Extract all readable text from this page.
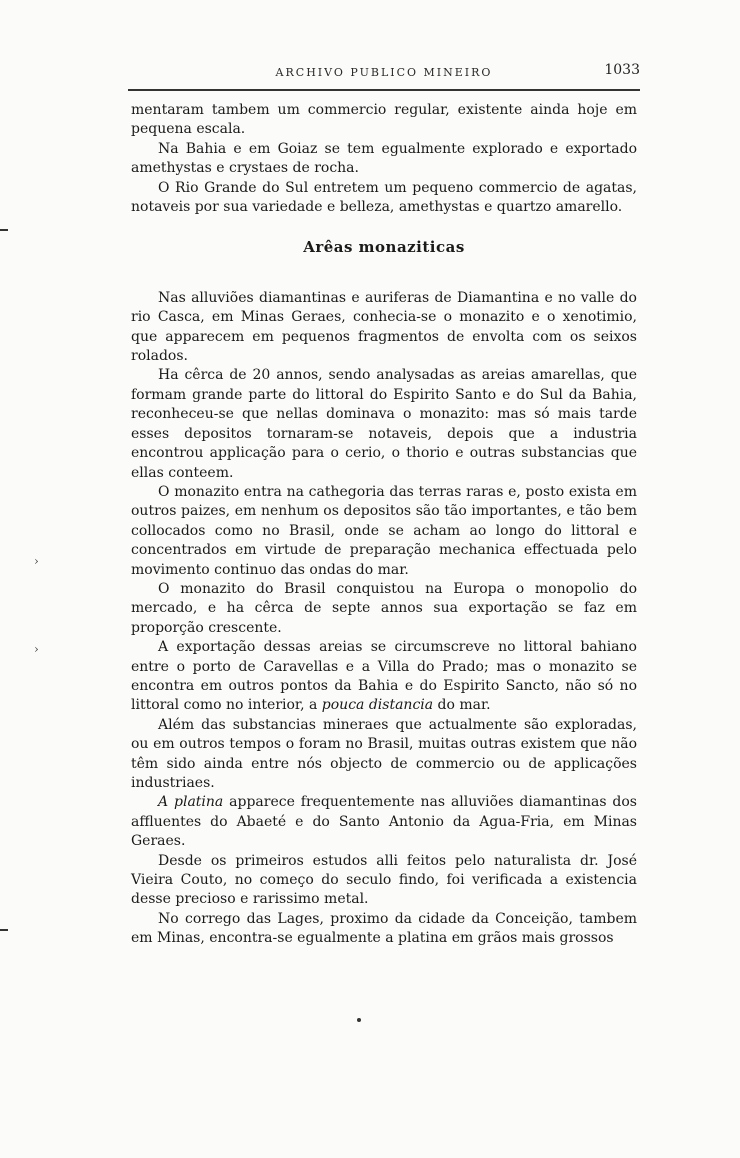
ARCHIVO PUBLICO MINEIRO	1033
›
›

mentaram tambem um commercio regular, existente ainda hoje em pequena escala.

Na Bahia e em Goiaz se tem egualmente explorado e exportado amethystas e crystaes de rocha.

O Rio Grande do Sul entretem um pequeno commercio de agatas, notaveis por sua variedade e belleza, amethystas e quartzo amarello.

Arêas monaziticas

Nas alluviões diamantinas e auriferas de Diamantina e no valle do rio Casca, em Minas Geraes, conhecia-se o monazito e o xenotimio, que apparecem em pequenos fragmentos de envolta com os seixos rolados.

Ha cêrca de 20 annos, sendo analysadas as areias amarellas, que formam grande parte do littoral do Espirito Santo e do Sul da Bahia, reconheceu-se que nellas dominava o monazito: mas só mais tarde esses depositos tornaram-se notaveis, depois que a industria encontrou applicação para o cerio, o thorio e outras substancias que ellas conteem.

O monazito entra na cathegoria das terras raras e, posto exista em outros paizes, em nenhum os depositos são tão importantes, e tão bem collocados como no Brasil, onde se acham ao longo do littoral e concentrados em virtude de preparação mechanica effectuada pelo movimento continuo das ondas do mar.

O monazito do Brasil conquistou na Europa o monopolio do mercado, e ha cêrca de septe annos sua exportação se faz em proporção crescente.

A exportação dessas areias se circumscreve no littoral bahiano entre o porto de Caravellas e a Villa do Prado; mas o monazito se encontra em outros pontos da Bahia e do Espirito Sancto, não só no littoral como no interior, a pouca distancia do mar.

Além das substancias mineraes que actualmente são exploradas, ou em outros tempos o foram no Brasil, muitas outras existem que não têm sido ainda entre nós objecto de commercio ou de applicações industriaes.

A platina apparece frequentemente nas alluviões diamantinas dos affluentes do Abaeté e do Santo Antonio da Agua-Fria, em Minas Geraes.

Desde os primeiros estudos alli feitos pelo naturalista dr. José Vieira Couto, no começo do seculo findo, foi verificada a existencia desse precioso e rarissimo metal.

No corrego das Lages, proximo da cidade da Conceição, tambem em Minas, encontra-se egualmente a platina em grãos mais grossos
